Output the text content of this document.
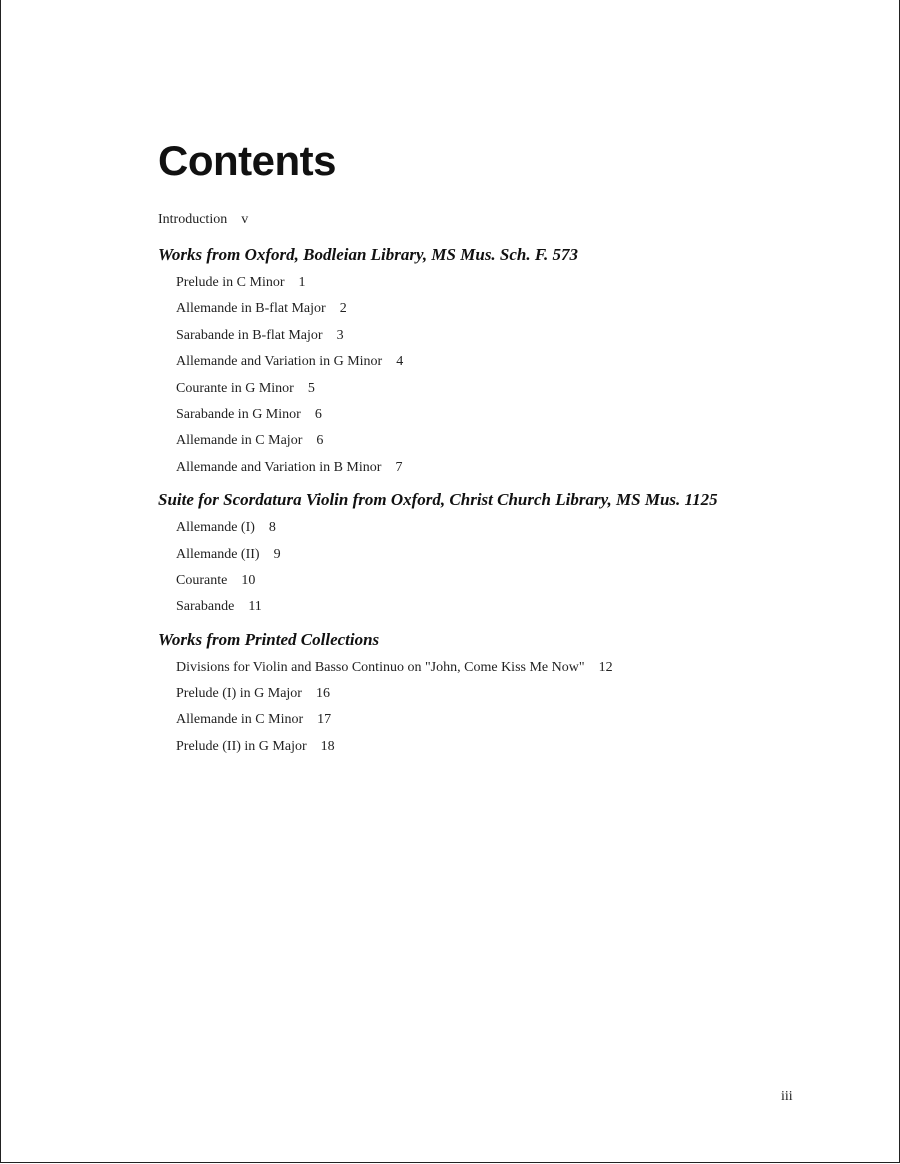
Contents
Introduction v
Works from Oxford, Bodleian Library, MS Mus. Sch. F. 573
Prelude in C Minor 1
Allemande in B-flat Major 2
Sarabande in B-flat Major 3
Allemande and Variation in G Minor 4
Courante in G Minor 5
Sarabande in G Minor 6
Allemande in C Major 6
Allemande and Variation in B Minor 7
Suite for Scordatura Violin from Oxford, Christ Church Library, MS Mus. 1125
Allemande (I) 8
Allemande (II) 9
Courante 10
Sarabande 11
Works from Printed Collections
Divisions for Violin and Basso Continuo on "John, Come Kiss Me Now" 12
Prelude (I) in G Major 16
Allemande in C Minor 17
Prelude (II) in G Major 18
iii
